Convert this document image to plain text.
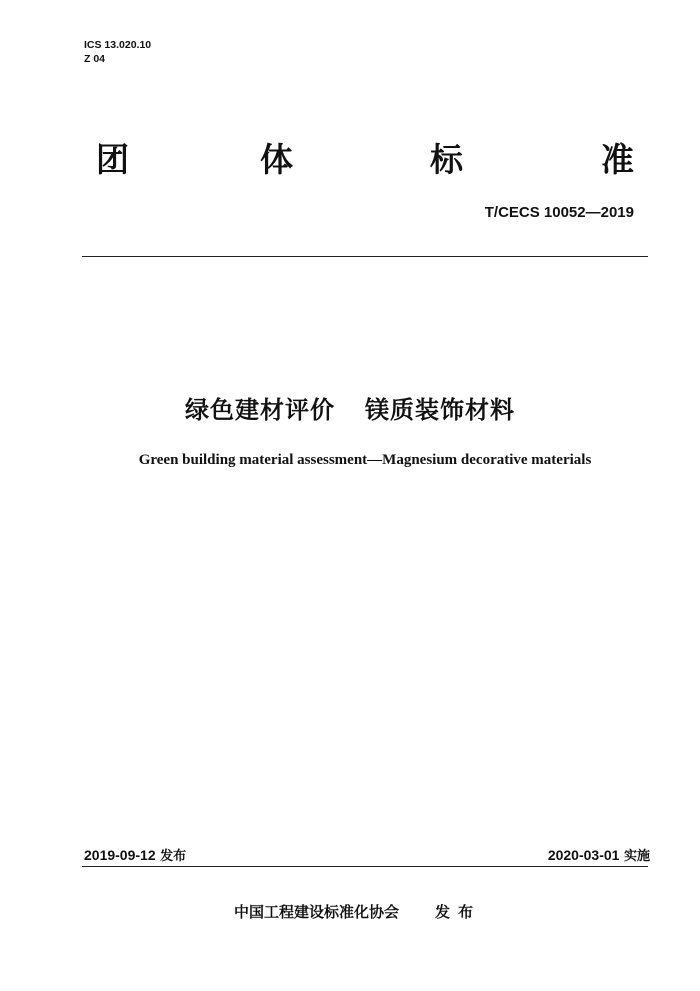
ICS 13.020.10
Z 04
团	体	标	准
T/CECS 10052—2019
绿色建材评价 镁质装饰材料
Green building material assessment—Magnesium decorative materials
2019-09-12 发布	2020-03-01 实施
中国工程建设标准化协会 发布
